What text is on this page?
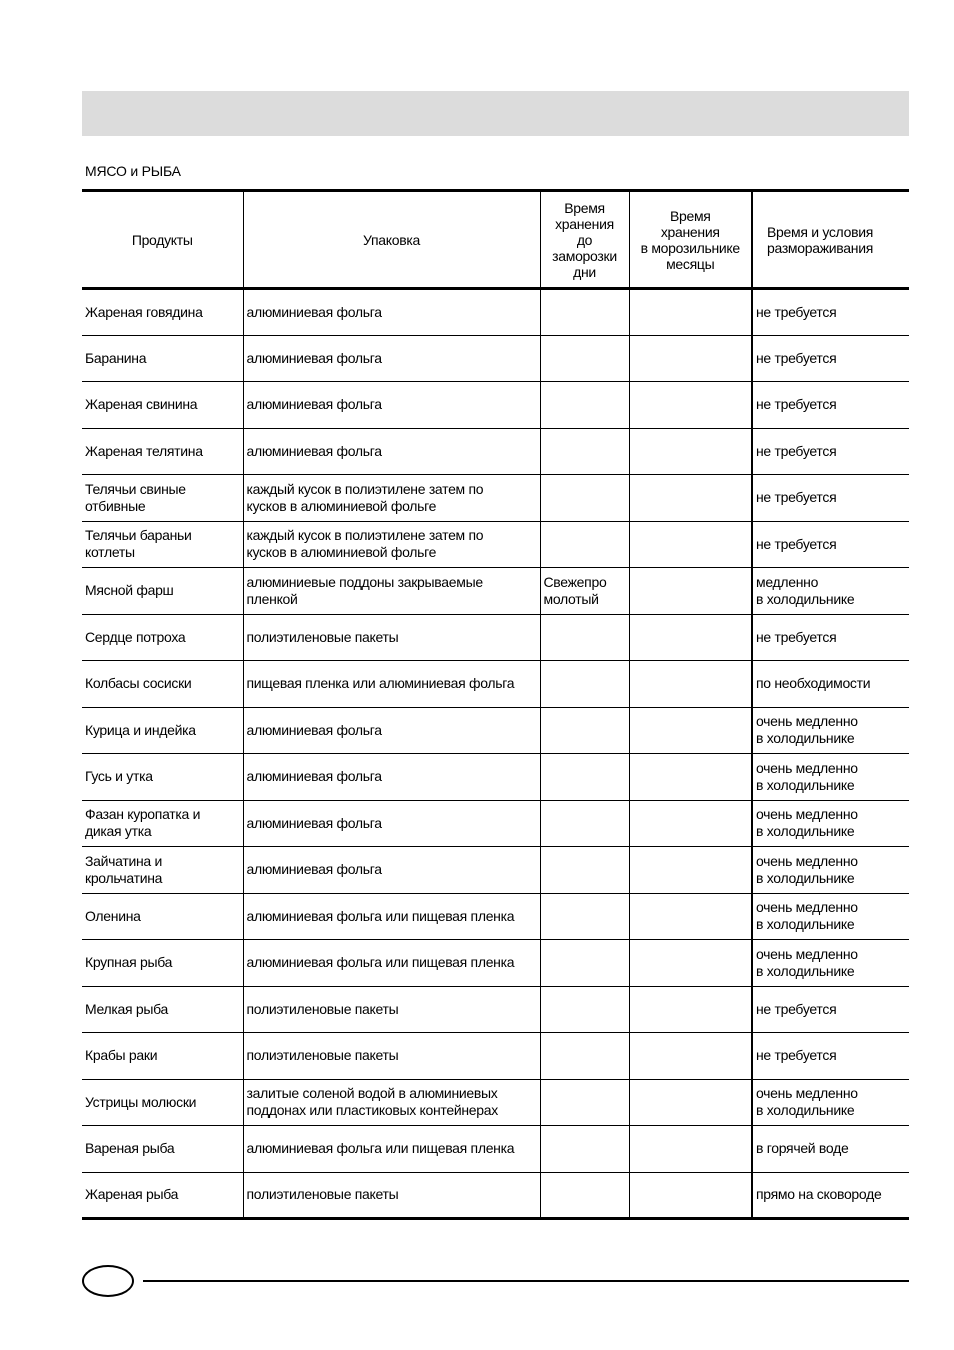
МЯСО и РЫБА
Продукты	Упаковка	Время
хранения
до
заморозки
дни	Время
хранения
в морозильнике
месяцы	Время и условия
размораживания
Жареная говядина	алюминиевая фольга			не требуется
Баранина	алюминиевая фольга			не требуется
Жареная свинина	алюминиевая фольга			не требуется
Жареная телятина	алюминиевая фольга			не требуется
Телячьи свиные
отбивные	каждый кусок в полиэтилене затем по
кусков в алюминиевой фольге			не требуется
Телячьи бараньи
котлеты	каждый кусок в полиэтилене затем по
кусков в алюминиевой фольге			не требуется
Мясной фарш	алюминиевые поддоны закрываемые
пленкой	Свежепро
молотый		медленно
в холодильнике
Сердце потроха	полиэтиленовые пакеты			не требуется
Колбасы сосиски	пищевая пленка или алюминиевая фольга			по необходимости
Курица и индейка	алюминиевая фольга			очень медленно
в холодильнике
Гусь и утка	алюминиевая фольга			очень медленно
в холодильнике
Фазан куропатка и
дикая утка	алюминиевая фольга			очень медленно
в холодильнике
Зайчатина и
крольчатина	алюминиевая фольга			очень медленно
в холодильнике
Оленина	алюминиевая фольга или пищевая пленка			очень медленно
в холодильнике
Крупная рыба	алюминиевая фольга или пищевая пленка			очень медленно
в холодильнике
Мелкая рыба	полиэтиленовые пакеты			не требуется
Крабы раки	полиэтиленовые пакеты			не требуется
Устрицы молюски	залитые соленой водой в алюминиевых
поддонах или пластиковых контейнерах			очень медленно
в холодильнике
Вареная рыба	алюминиевая фольга или пищевая пленка			в горячей воде
Жареная рыба	полиэтиленовые пакеты			прямо на сковороде
